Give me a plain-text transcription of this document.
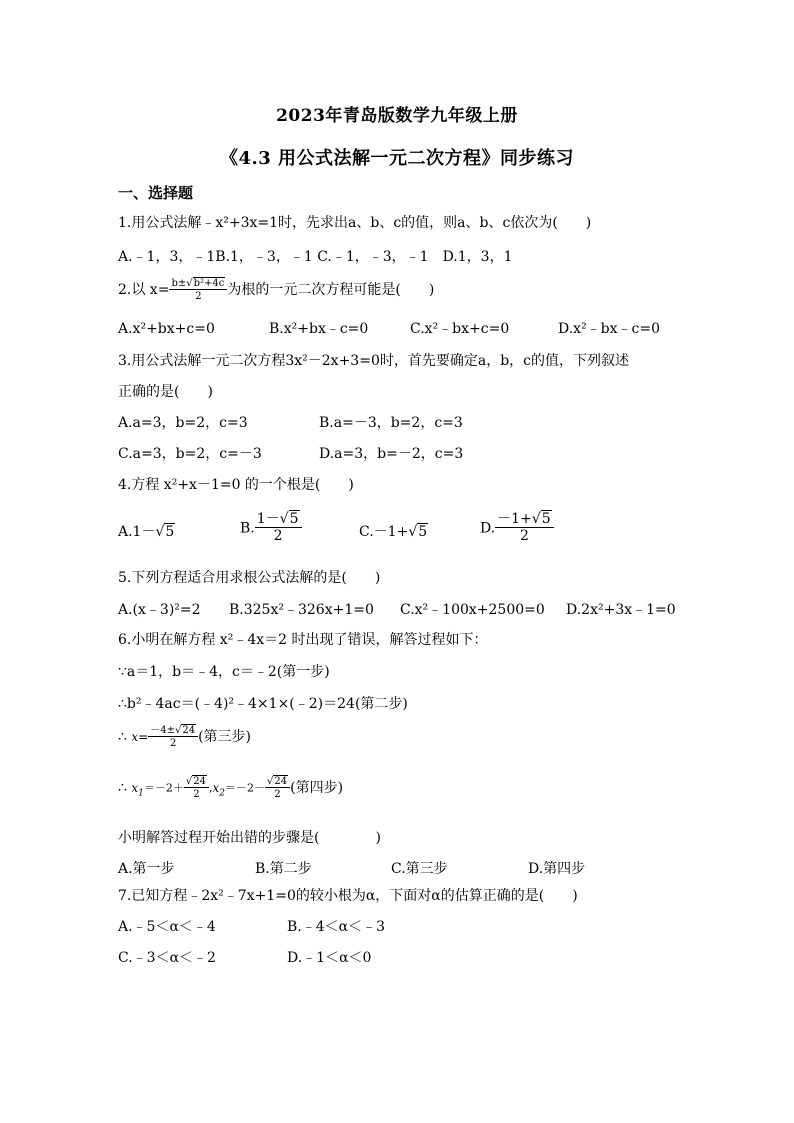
2023年青岛版数学九年级上册
《4.3 用公式法解一元二次方程》同步练习
一、选择题
1.用公式法解﹣x²+3x=1时，先求出a、b、c的值，则a、b、c依次为(　　)
A.﹣1，3，﹣1B.1，﹣3，﹣1 C.﹣1，﹣3，﹣1　D.1，3，1
2.以 $x= \frac{\text{b±√b²+4c}}{2}$ 为根的一元二次方程可能是(　　)
A.x²+bx+c=0	B.x²+bx﹣c=0	C.x²﹣bx+c=0	D.x²﹣bx﹣c=0
3.用公式法解一元二次方程3x²－2x+3=0时，首先要确定a，b，c的值，下列叙述
正确的是(　　)
A.a=3，b=2，c=3	B.a=－3，b=2，c=3
C.a=3，b=2，c=－3	D.a=3，b=－2，c=3
4.方程 x²+x－1=0 的一个根是(　　)
A.1－√5	B. $\frac{1-√5}{2}$	C.－1+√5	D. $\frac{-1+√5}{2}$
5.下列方程适合用求根公式法解的是(　　)
A.(x﹣3)²=2 B.325x²﹣326x+1=0 C.x²﹣100x+2500=0 D.2x²+3x﹣1=0
6.小明在解方程 x²﹣4x＝2 时出现了错误，解答过程如下：
∵a＝1，b＝﹣4，c＝﹣2(第一步)
∴b²﹣4ac＝(﹣4)²﹣4×1×(﹣2)＝24(第二步)
∴ $x= \frac{-4\pm√24}{2}$ (第三步)
∴ $x_1=-2+ \frac{√24}{2} ,x_2=-2- \frac{√24}{2}$ (第四步)
小明解答过程开始出错的步骤是(　　　　)
A.第一步	B.第二步	C.第三步	D.第四步
7.已知方程﹣2x²﹣7x+1=0的较小根为α，下面对α的估算正确的是(　　)
A.﹣5＜α＜﹣4	B.﹣4＜α＜﹣3
C.﹣3＜α＜﹣2	D.﹣1＜α＜0
